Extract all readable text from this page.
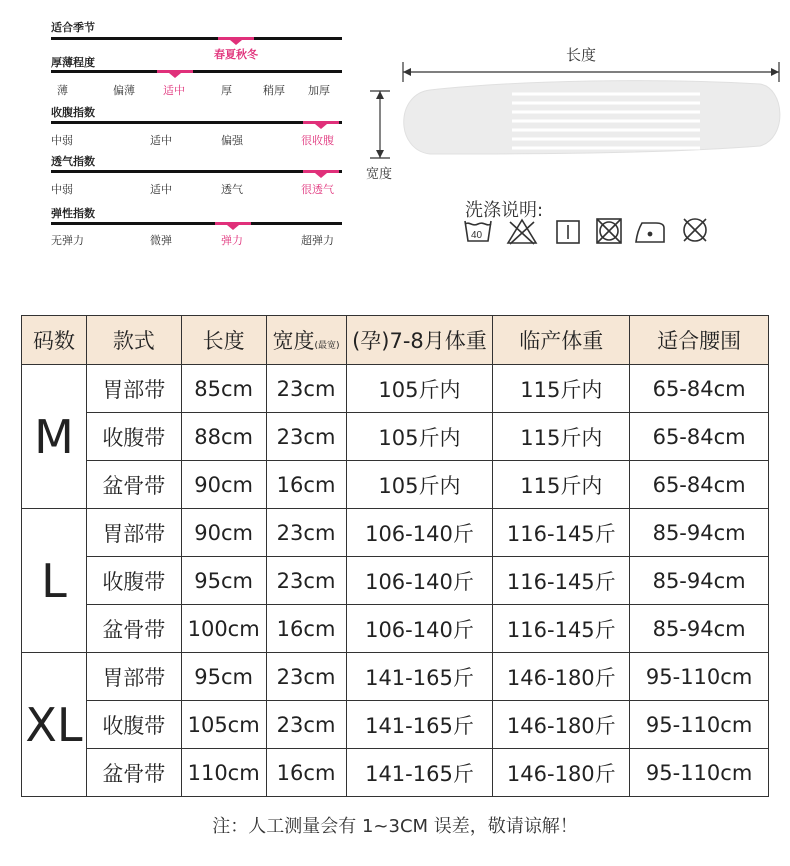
适合季节
春夏秋冬
厚薄程度
薄	偏薄	适中	厚	稍厚	加厚
收腹指数
中弱	适中	偏强	很收腹
透气指数
中弱	适中	透气	很透气
弹性指数
无弹力	微弹	弹力	超弹力
长度
宽度
洗涤说明:
40
码数	款式	长度	宽度(最宽)	(孕)7-8月体重	临产体重	适合腰围
M	胃部带	85cm	23cm	105斤内	115斤内	65-84cm
	收腹带	88cm	23cm	105斤内	115斤内	65-84cm
	盆骨带	90cm	16cm	105斤内	115斤内	65-84cm
L	胃部带	90cm	23cm	106-140斤	116-145斤	85-94cm
	收腹带	95cm	23cm	106-140斤	116-145斤	85-94cm
	盆骨带	100cm	16cm	106-140斤	116-145斤	85-94cm
XL	胃部带	95cm	23cm	141-165斤	146-180斤	95-110cm
	收腹带	105cm	23cm	141-165斤	146-180斤	95-110cm
	盆骨带	110cm	16cm	141-165斤	146-180斤	95-110cm
注：人工测量会有 1~3CM 误差，敬请谅解！
